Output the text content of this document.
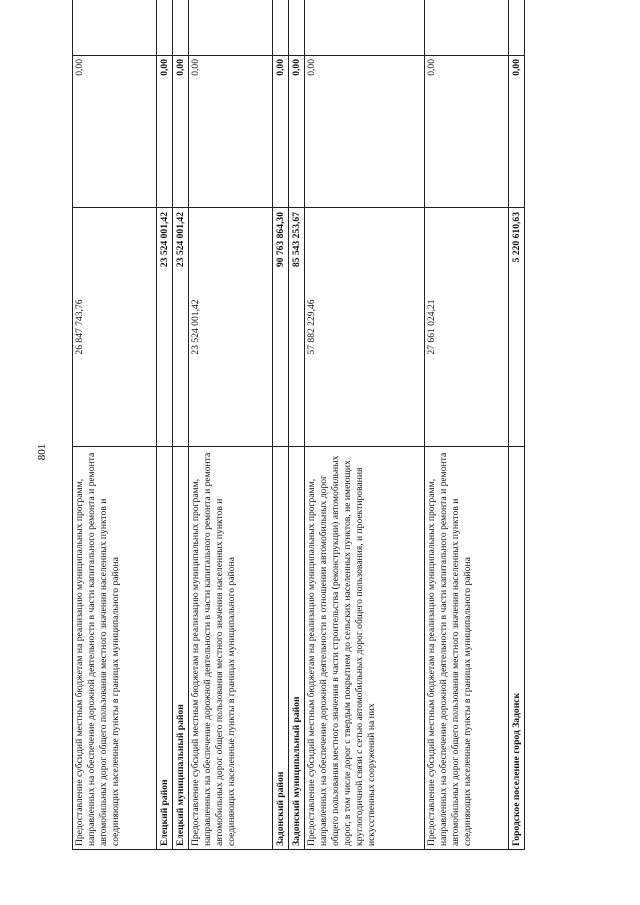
801
Предоставление субсидий местным бюджетам на реализацию муниципальных программ, направленных на обеспечение дорожной деятельности в части капитального ремонта и ремонта автомобильных дорог общего пользования местного значения населенных пунктов и соединяющих населенные пункты в границах муниципального района	26 847 743,76	0,00	
Елецкий район	23 524 001,42	0,00	
Елецкий муниципальный район	23 524 001,42	0,00	
Предоставление субсидий местным бюджетам на реализацию муниципальных программ, направленных на обеспечение дорожной деятельности в части капитального ремонта и ремонта автомобильных дорог общего пользования местного значения населенных пунктов и соединяющих населенные пункты в границах муниципального района	23 524 001,42	0,00	
Задонский район	90 763 864,30	0,00	
Задонский муниципальный район	85 543 253,67	0,00	
Предоставление субсидий местным бюджетам на реализацию муниципальных программ, направленных на обеспечение дорожной деятельности в отношении автомобильных дорог общего пользования местного значения в части строительства (реконструкции) автомобильных дорог, в том числе дорог с твердым покрытием до сельских населенных пунктов, не имеющих круглогодичной связи с сетью автомобильных дорог общего пользования, и проектирования искусственных сооружений на них	57 882 229,46	0,00	
Предоставление субсидий местным бюджетам на реализацию муниципальных программ, направленных на обеспечение дорожной деятельности в части капитального ремонта и ремонта автомобильных дорог общего пользования местного значения населенных пунктов и соединяющих населенные пункты в границах муниципального района	27 661 024,21	0,00	
Городское поселение город Задонск	5 220 610,63	0,00	
